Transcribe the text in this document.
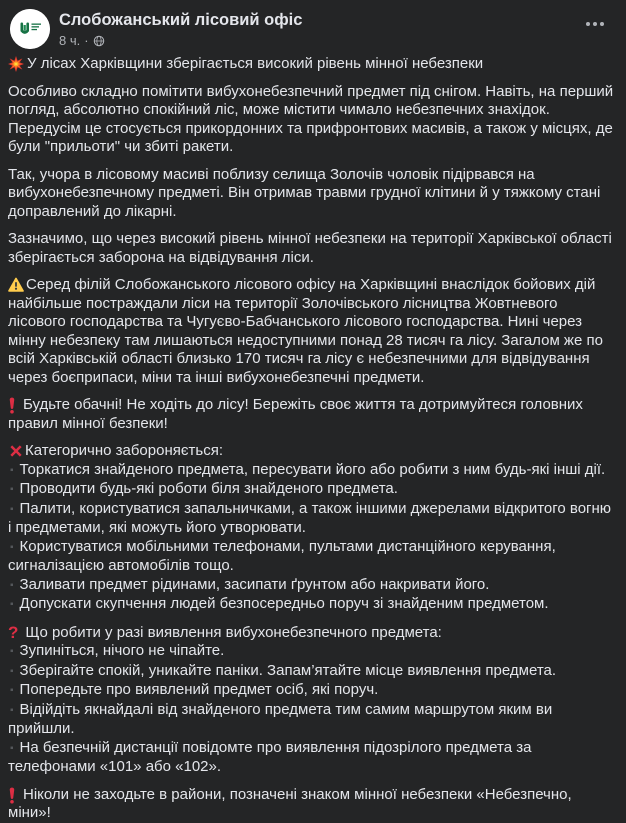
Слобожанський лісовий офіс
8 ч. ·
У лісах Харківщини зберігається високий рівень мінної небезпеки
Особливо складно помітити вибухонебезпечний предмет під снігом. Навіть, на перший погляд, абсолютно спокійний ліс, може містити чимало небезпечних знахідок. Передусім це стосується прикордонних та прифронтових масивів, а також у місцях, де були "прильоти" чи збиті ракети.
Так, учора в лісовому масиві поблизу селища Золочів чоловік підірвався на вибухонебезпечному предметі. Він отримав травми грудної клітини й у тяжкому стані доправлений до лікарні.
Зазначимо, що через високий рівень мінної небезпеки на території Харківської області зберігається заборона на відвідування ліси.
Серед філій Слобожанського лісового офісу на Харківщині внаслідок бойових дій найбільше постраждали ліси на території Золочівського лісництва Жовтневого лісового господарства та Чугуєво-Бабчанського лісового господарства. Нині через мінну небезпеку там лишаються недоступними понад 28 тисяч га лісу. Загалом же по всій Харківській області близько 170 тисяч га лісу є небезпечними для відвідування через боєприпаси, міни та інші вибухонебезпечні предмети.
Будьте обачні! Не ходіть до лісу! Бережіть своє життя та дотримуйтеся головних правил мінної безпеки!
Категорично забороняється:
▪ Торкатися знайденого предмета, пересувати його або робити з ним будь-які інші дії.
▪ Проводити будь-які роботи біля знайденого предмета.
▪ Палити, користуватися запальничками, а також іншими джерелами відкритого вогню і предметами, які можуть його утворювати.
▪ Користуватися мобільними телефонами, пультами дистанційного керування, сигналізацією автомобілів тощо.
▪ Заливати предмет рідинами, засипати ґрунтом або накривати його.
▪ Допускати скупчення людей безпосередньо поруч зі знайденим предметом.
? Що робити у разі виявлення вибухонебезпечного предмета:
▪ Зупиніться, нічого не чіпайте.
▪ Зберігайте спокій, уникайте паніки. Запам’ятайте місце виявлення предмета.
▪ Попередьте про виявлений предмет осіб, які поруч.
▪ Відійдіть якнайдалі від знайденого предмета тим самим маршрутом яким ви прийшли.
▪ На безпечній дистанції повідомте про виявлення підозрілого предмета за телефонами «101» або «102».
Ніколи не заходьте в райони, позначені знаком мінної небезпеки «Небезпечно, міни»!
